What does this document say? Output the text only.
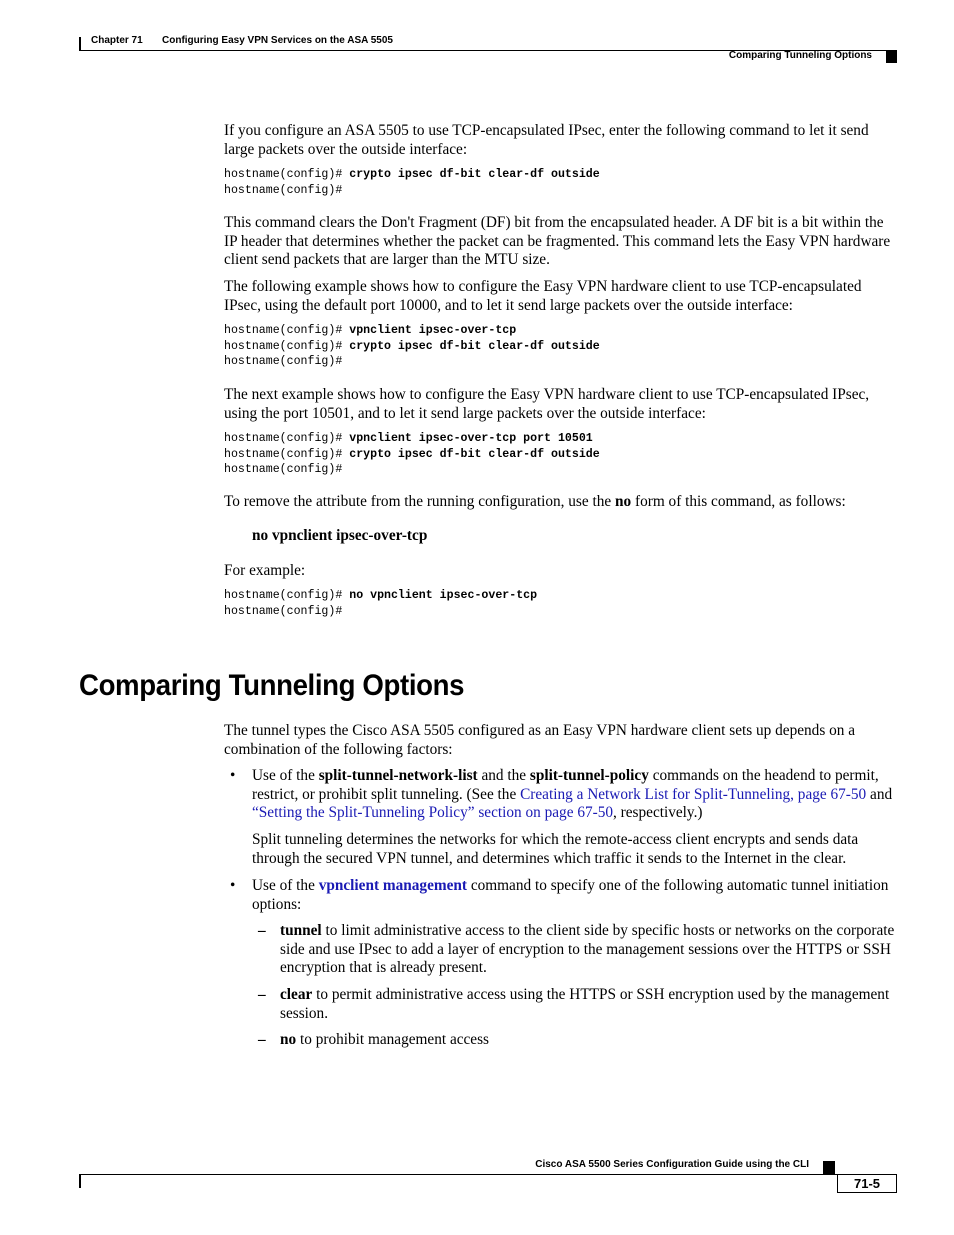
Chapter 71 Configuring Easy VPN Services on the ASA 5505
Comparing Tunneling Options
If you configure an ASA 5505 to use TCP-encapsulated IPsec, enter the following command to let it send large packets over the outside interface:
hostname(config)# crypto ipsec df-bit clear-df outside
hostname(config)#
This command clears the Don't Fragment (DF) bit from the encapsulated header. A DF bit is a bit within the IP header that determines whether the packet can be fragmented. This command lets the Easy VPN hardware client send packets that are larger than the MTU size.
The following example shows how to configure the Easy VPN hardware client to use TCP-encapsulated IPsec, using the default port 10000, and to let it send large packets over the outside interface:
hostname(config)# vpnclient ipsec-over-tcp
hostname(config)# crypto ipsec df-bit clear-df outside
hostname(config)#
The next example shows how to configure the Easy VPN hardware client to use TCP-encapsulated IPsec, using the port 10501, and to let it send large packets over the outside interface:
hostname(config)# vpnclient ipsec-over-tcp port 10501
hostname(config)# crypto ipsec df-bit clear-df outside
hostname(config)#
To remove the attribute from the running configuration, use the no form of this command, as follows:
no vpnclient ipsec-over-tcp
For example:
hostname(config)# no vpnclient ipsec-over-tcp
hostname(config)#
Comparing Tunneling Options
The tunnel types the Cisco ASA 5505 configured as an Easy VPN hardware client sets up depends on a combination of the following factors:
• Use of the split-tunnel-network-list and the split-tunnel-policy commands on the headend to permit, restrict, or prohibit split tunneling. (See the Creating a Network List for Split-Tunneling, page 67-50 and “Setting the Split-Tunneling Policy” section on page 67-50, respectively.)
Split tunneling determines the networks for which the remote-access client encrypts and sends data through the secured VPN tunnel, and determines which traffic it sends to the Internet in the clear.
• Use of the vpnclient management command to specify one of the following automatic tunnel initiation options:
– tunnel to limit administrative access to the client side by specific hosts or networks on the corporate side and use IPsec to add a layer of encryption to the management sessions over the HTTPS or SSH encryption that is already present.
– clear to permit administrative access using the HTTPS or SSH encryption used by the management session.
– no to prohibit management access
Cisco ASA 5500 Series Configuration Guide using the CLI
71-5
